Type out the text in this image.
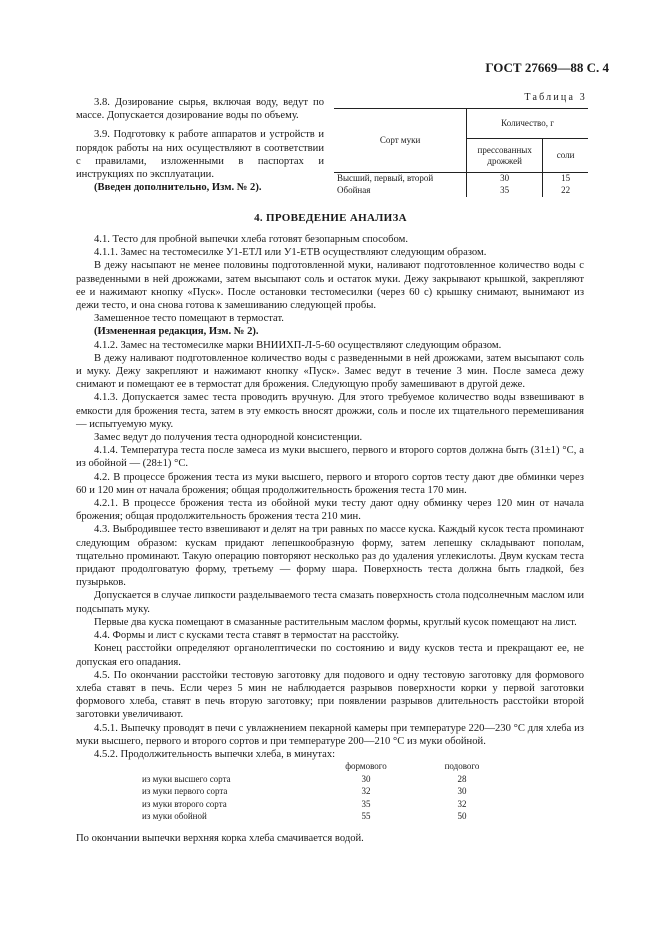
ГОСТ 27669—88 С. 4

3.8. Дозирование сырья, включая воду, ведут по массе. Допускается дозирование воды по объему.

3.9. Подготовку к работе аппаратов и устройств и порядок работы на них осуществляют в соответствии с правилами, изложенными в паспортах и инструкциях по эксплуатации.

(Введен дополнительно, Изм. № 2).

Таблица 3
Сорт муки	Количество, г	
	прессованных дрожжей	соли
Высший, первый, второй	30	15
Обойная	35	22
4. ПРОВЕДЕНИЕ АНАЛИЗА

4.1. Тесто для пробной выпечки хлеба готовят безопарным способом.

4.1.1. Замес на тестомесилке У1-ЕТЛ или У1-ЕТВ осуществляют следующим образом.

В дежу насыпают не менее половины подготовленной муки, наливают подготовленное количество воды с разведенными в ней дрожжами, затем высыпают соль и остаток муки. Дежу закрывают крышкой, закрепляют ее и нажимают кнопку «Пуск». После остановки тестомесилки (через 60 с) крышку снимают, вынимают из дежи тесто, и она снова готова к замешиванию следующей пробы.

Замешенное тесто помещают в термостат.

(Измененная редакция, Изм. № 2).

4.1.2. Замес на тестомесилке марки ВНИИХП-Л-5-60 осуществляют следующим образом.

В дежу наливают подготовленное количество воды с разведенными в ней дрожжами, затем высыпают соль и муку. Дежу закрепляют и нажимают кнопку «Пуск». Замес ведут в течение 3 мин. После замеса дежу снимают и помещают ее в термостат для брожения. Следующую пробу замешивают в другой деже.

4.1.3. Допускается замес теста проводить вручную. Для этого требуемое количество воды взвешивают в емкости для брожения теста, затем в эту емкость вносят дрожжи, соль и после их тщательного перемешивания — испытуемую муку.

Замес ведут до получения теста однородной консистенции.

4.1.4. Температура теста после замеса из муки высшего, первого и второго сортов должна быть (31±1) °С, а из обойной — (28±1) °С.

4.2. В процессе брожения теста из муки высшего, первого и второго сортов тесту дают две обминки через 60 и 120 мин от начала брожения; общая продолжительность брожения теста 170 мин.

4.2.1. В процессе брожения теста из обойной муки тесту дают одну обминку через 120 мин от начала брожения; общая продолжительность брожения теста 210 мин.

4.3. Выбродившее тесто взвешивают и делят на три равных по массе куска. Каждый кусок теста проминают следующим образом: кускам придают лепешкообразную форму, затем лепешку складывают пополам, тщательно проминают. Такую операцию повторяют несколько раз до удаления углекислоты. Двум кускам теста придают продолговатую форму, третьему — форму шара. Поверхность теста должна быть гладкой, без пузырьков.

Допускается в случае липкости разделываемого теста смазать поверхность стола подсолнечным маслом или подсыпать муку.

Первые два куска помещают в смазанные растительным маслом формы, круглый кусок помещают на лист.

4.4. Формы и лист с кусками теста ставят в термостат на расстойку.

Конец расстойки определяют органолептически по состоянию и виду кусков теста и прекращают ее, не допуская его опадания.

4.5. По окончании расстойки тестовую заготовку для подового и одну тестовую заготовку для формового хлеба ставят в печь. Если через 5 мин не наблюдается разрывов поверхности корки у первой заготовки формового хлеба, ставят в печь вторую заготовку; при появлении разрывов длительность расстойки второй заготовки увеличивают.

4.5.1. Выпечку проводят в печи с увлажнением пекарной камеры при температуре 220—230 °С для хлеба из муки высшего, первого и второго сортов и при температуре 200—210 °С из муки обойной.

4.5.2. Продолжительность выпечки хлеба, в минутах:

	формового	подового
из муки высшего сорта	30	28
из муки первого сорта	32	30
из муки второго сорта	35	32
из муки обойной	55	50
По окончании выпечки верхняя корка хлеба смачивается водой.
